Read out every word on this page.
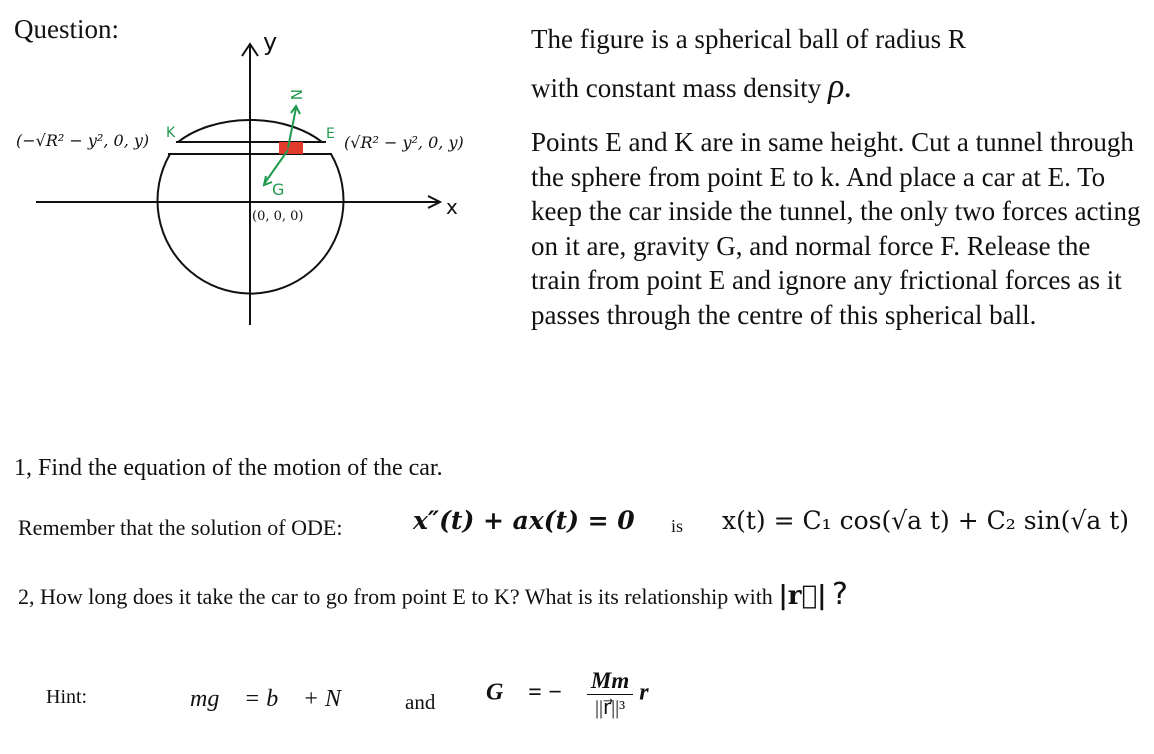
Question:	y
x
N
G
E
K
(−√R² − y², 0, y)	(√R² − y², 0, y)
(0, 0, 0)
The figure is a spherical ball of radius R
with constant mass density ρ.
Points E and K are in same height. Cut a tunnel through the sphere from point E to k. And place a car at E. To keep the car inside the tunnel, the only two forces acting on it are, gravity G, and normal force F. Release the train from point E and ignore any frictional forces as it passes through the centre of this spherical ball.
1, Find the equation of the motion of the car.
Remember that the solution of ODE:	x″(t) + ax(t) = 0 is x(t) = C₁ cos(√a t) + C₂ sin(√a t)
2, How long does it take the car to go from point E to K? What is its relationship with |r⃗| ?
Hint:	mg⃗ = b⃗ + N⃗ and G⃗ = −𝔾 $\frac{Mm}{\text{||r⃗||³}}$ r⃗
